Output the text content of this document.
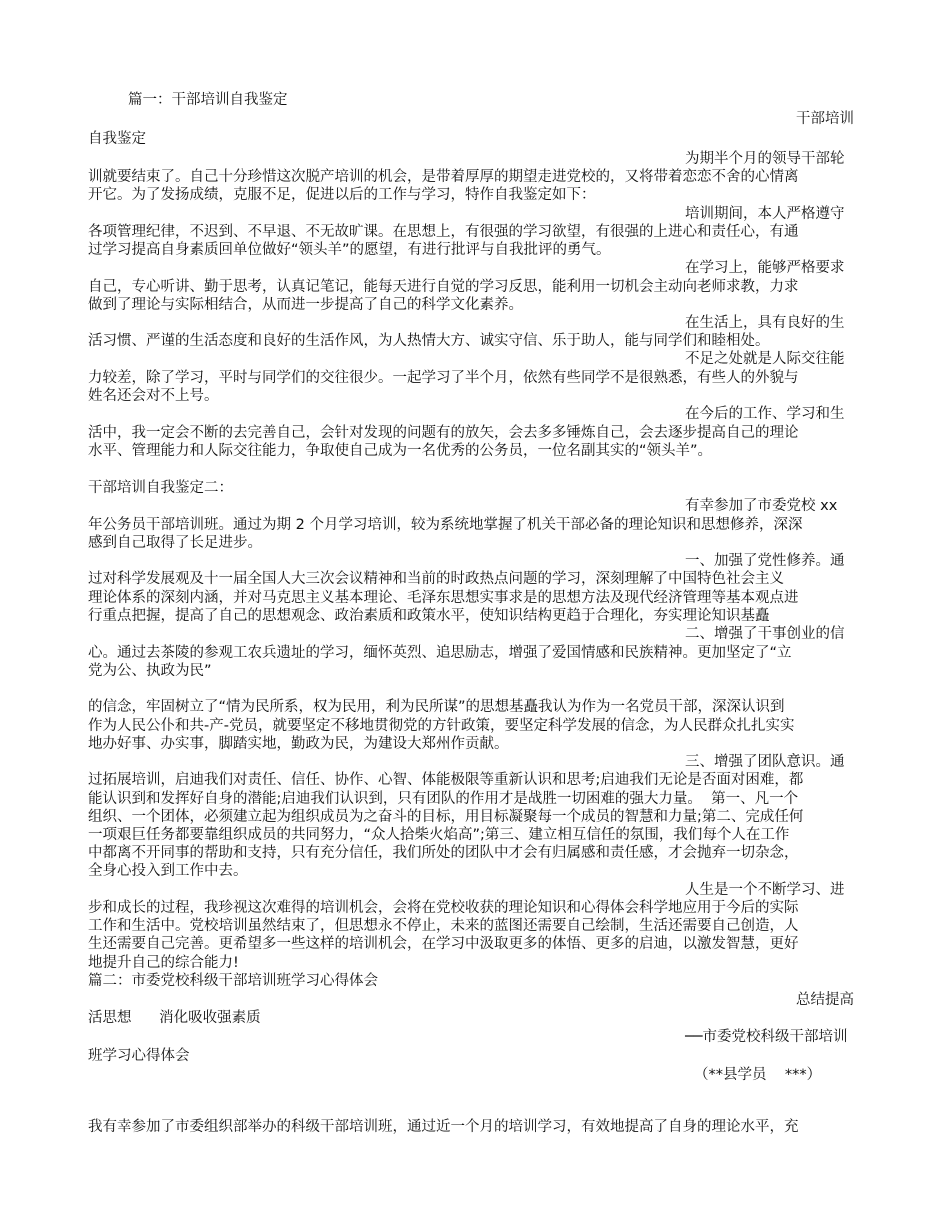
篇一：干部培训自我鉴定
干部培训
自我鉴定
为期半个月的领导干部轮
训就要结束了。自己十分珍惜这次脱产培训的机会，是带着厚厚的期望走进党校的，又将带着恋恋不舍的心情离
开它。为了发扬成绩，克服不足，促进以后的工作与学习，特作自我鉴定如下：
培训期间，本人严格遵守
各项管理纪律，不迟到、不早退、不无故旷课。在思想上，有很强的学习欲望，有很强的上进心和责任心，有通
过学习提高自身素质回单位做好“领头羊”的愿望，有进行批评与自我批评的勇气。
在学习上，能够严格要求
自己，专心听讲、勤于思考，认真记笔记，能每天进行自觉的学习反思，能利用一切机会主动向老师求教，力求
做到了理论与实际相结合，从而进一步提高了自己的科学文化素养。
在生活上，具有良好的生
活习惯、严谨的生活态度和良好的生活作风，为人热情大方、诚实守信、乐于助人，能与同学们和睦相处。
不足之处就是人际交往能
力较差，除了学习，平时与同学们的交往很少。一起学习了半个月，依然有些同学不是很熟悉，有些人的外貌与
姓名还会对不上号。
在今后的工作、学习和生
活中，我一定会不断的去完善自己，会针对发现的问题有的放矢，会去多多锤炼自己，会去逐步提高自己的理论
水平、管理能力和人际交往能力，争取使自己成为一名优秀的公务员，一位名副其实的“领头羊”。
干部培训自我鉴定二：
有幸参加了市委党校 xx
年公务员干部培训班。通过为期 2 个月学习培训，较为系统地掌握了机关干部必备的理论知识和思想修养，深深
感到自己取得了长足进步。
一、加强了党性修养。通
过对科学发展观及十一届全国人大三次会议精神和当前的时政热点问题的学习，深刻理解了中国特色社会主义
理论体系的深刻内涵，并对马克思主义基本理论、毛泽东思想实事求是的思想方法及现代经济管理等基本观点进
行重点把握，提高了自己的思想观念、政治素质和政策水平，使知识结构更趋于合理化，夯实理论知识基矗
二、增强了干事创业的信
心。通过去茶陵的参观工农兵遗址的学习，缅怀英烈、追思励志，增强了爱国情感和民族精神。更加坚定了“立
党为公、执政为民”
的信念，牢固树立了“情为民所系，权为民用，利为民所谋”的思想基矗我认为作为一名党员干部，深深认识到
作为人民公仆和共-产-党员，就要坚定不移地贯彻党的方针政策，要坚定科学发展的信念，为人民群众扎扎实实
地办好事、办实事，脚踏实地，勤政为民，为建设大郑州作贡献。
三、增强了团队意识。通
过拓展培训，启迪我们对责任、信任、协作、心智、体能极限等重新认识和思考;启迪我们无论是否面对困难，都
能认识到和发挥好自身的潜能;启迪我们认识到，只有团队的作用才是战胜一切困难的强大力量。  第一、凡一个
组织、一个团体，必须建立起为组织成员为之奋斗的目标，用目标凝聚每一个成员的智慧和力量;第二、完成任何
一项艰巨任务都要靠组织成员的共同努力，“众人拾柴火焰高”;第三、建立相互信任的氛围，我们每个人在工作
中都离不开同事的帮助和支持，只有充分信任，我们所处的团队中才会有归属感和责任感，才会抛弃一切杂念，
全身心投入到工作中去。
人生是一个不断学习、进
步和成长的过程，我珍视这次难得的培训机会，会将在党校收获的理论知识和心得体会科学地应用于今后的实际
工作和生活中。党校培训虽然结束了，但思想永不停止，未来的蓝图还需要自己绘制，生活还需要自己创造，人
生还需要自己完善。更希望多一些这样的培训机会，在学习中汲取更多的体悟、更多的启迪，以激发智慧，更好
地提升自己的综合能力!
篇二：市委党校科级干部培训班学习心得体会
总结提高
活思想      消化吸收强素质
──市委党校科级干部培训
班学习心得体会
（**县学员    ***）
我有幸参加了市委组织部举办的科级干部培训班，通过近一个月的培训学习，有效地提高了自身的理论水平，充
